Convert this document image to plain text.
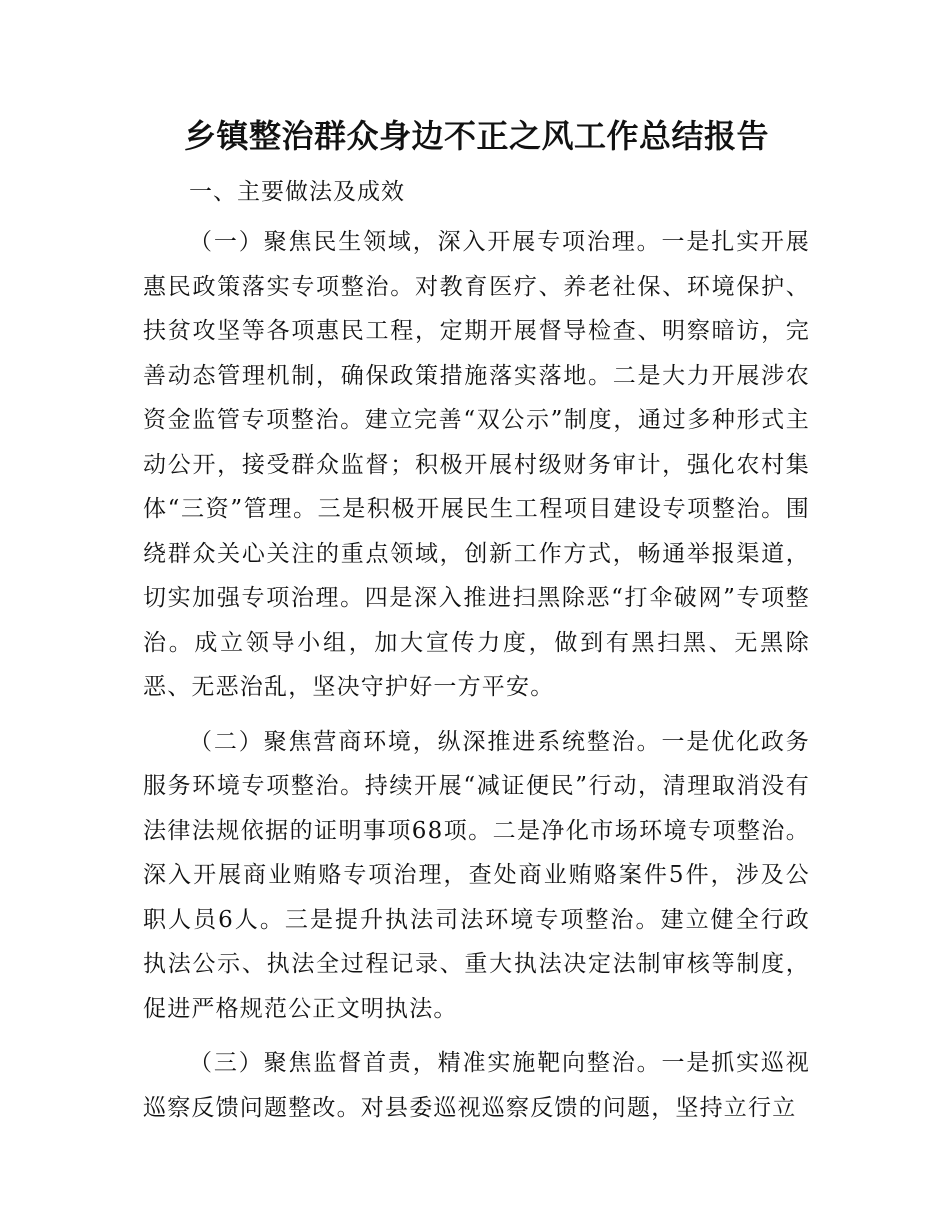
乡镇整治群众身边不正之风工作总结报告

一、主要做法及成效

（一）聚焦民生领域，深入开展专项治理。一是扎实开展惠民政策落实专项整治。对教育医疗、养老社保、环境保护、扶贫攻坚等各项惠民工程，定期开展督导检查、明察暗访，完善动态管理机制，确保政策措施落实落地。二是大力开展涉农资金监管专项整治。建立完善“双公示”制度，通过多种形式主动公开，接受群众监督；积极开展村级财务审计，强化农村集体“三资”管理。三是积极开展民生工程项目建设专项整治。围绕群众关心关注的重点领域，创新工作方式，畅通举报渠道，切实加强专项治理。四是深入推进扫黑除恶“打伞破网”专项整治。成立领导小组，加大宣传力度，做到有黑扫黑、无黑除恶、无恶治乱，坚决守护好一方平安。

（二）聚焦营商环境，纵深推进系统整治。一是优化政务服务环境专项整治。持续开展“减证便民”行动，清理取消没有法律法规依据的证明事项68项。二是净化市场环境专项整治。深入开展商业贿赂专项治理，查处商业贿赂案件5件，涉及公职人员6人。三是提升执法司法环境专项整治。建立健全行政执法公示、执法全过程记录、重大执法决定法制审核等制度，促进严格规范公正文明执法。

（三）聚焦监督首责，精准实施靶向整治。一是抓实巡视巡察反馈问题整改。对县委巡视巡察反馈的问题，坚持立行立
